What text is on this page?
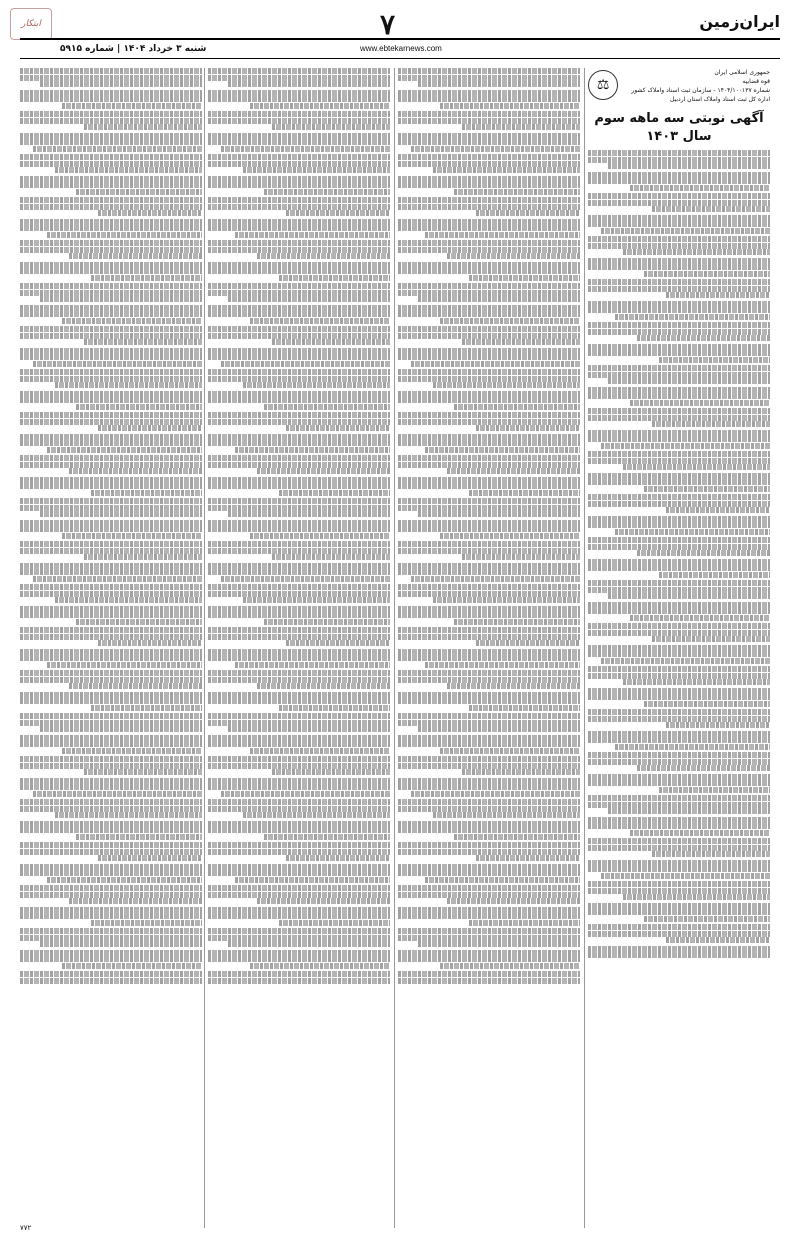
ایران‌زمین
۷
www.ebtekarnews.com
شنبه ۳ خرداد ۱۴۰۴ | شماره ۵۹۱۵
ابتکار
⚖
جمهوری اسلامی ایران
قوه قضاییه
شماره ۱۴۰۴/۱۰۰۱۳۷ - سازمان ثبت اسناد واملاک کشور
اداره کل ثبت اسناد واملاک استان اردبیل
آگهی نوبتی سه ماهه سوم سال ۱۴۰۳
۷۷۲
